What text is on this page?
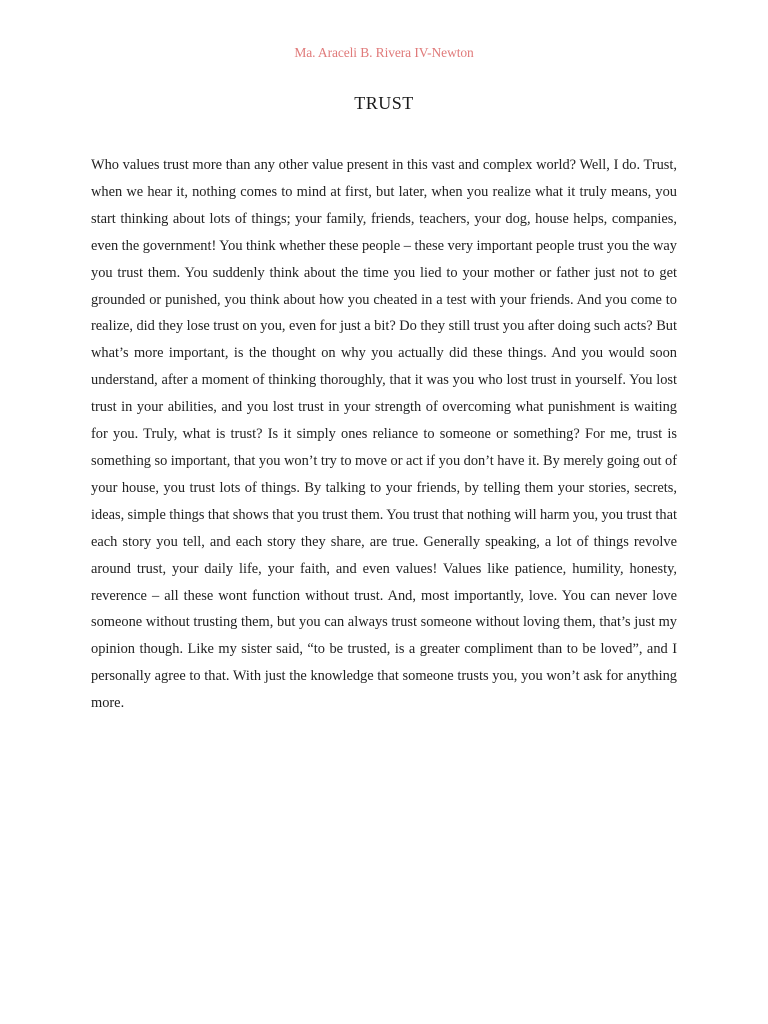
Ma. Araceli B. Rivera IV-Newton
TRUST

Who values trust more than any other value present in this vast and complex world? Well, I do. Trust, when we hear it, nothing comes to mind at first, but later, when you realize what it truly means, you start thinking about lots of things; your family, friends, teachers, your dog, house helps, companies, even the government! You think whether these people – these very important people trust you the way you trust them. You suddenly think about the time you lied to your mother or father just not to get grounded or punished, you think about how you cheated in a test with your friends. And you come to realize, did they lose trust on you, even for just a bit? Do they still trust you after doing such acts? But what’s more important, is the thought on why you actually did these things. And you would soon understand, after a moment of thinking thoroughly, that it was you who lost trust in yourself. You lost trust in your abilities, and you lost trust in your strength of overcoming what punishment is waiting for you. Truly, what is trust? Is it simply ones reliance to someone or something? For me, trust is something so important, that you won’t try to move or act if you don’t have it. By merely going out of your house, you trust lots of things. By talking to your friends, by telling them your stories, secrets, ideas, simple things that shows that you trust them. You trust that nothing will harm you, you trust that each story you tell, and each story they share, are true. Generally speaking, a lot of things revolve around trust, your daily life, your faith, and even values! Values like patience, humility, honesty, reverence – all these wont function without trust. And, most importantly, love. You can never love someone without trusting them, but you can always trust someone without loving them, that’s just my opinion though. Like my sister said, “to be trusted, is a greater compliment than to be loved”, and I personally agree to that. With just the knowledge that someone trusts you, you won’t ask for anything more.
